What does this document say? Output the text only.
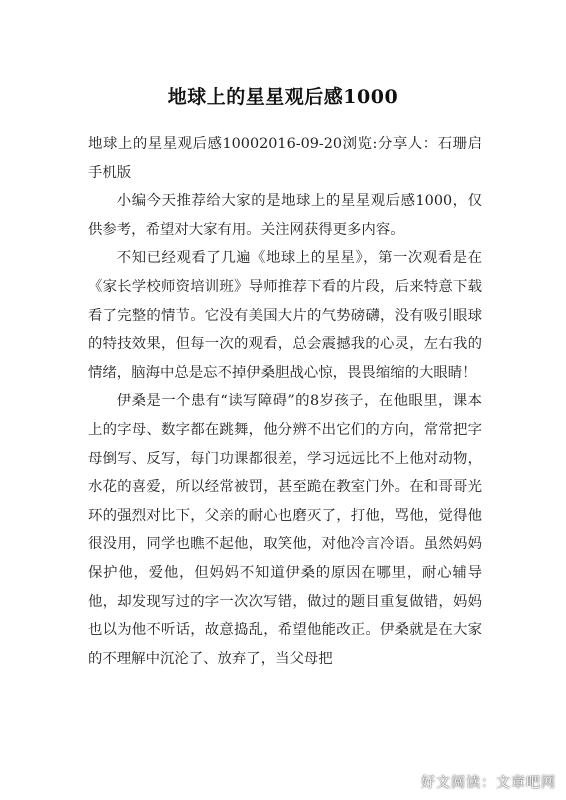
地球上的星星观后感1000

地球上的星星观后感10002016-09-20浏览:分享人：石珊启手机版

小编今天推荐给大家的是地球上的星星观后感1000，仅供参考，希望对大家有用。关注网获得更多内容。

不知已经观看了几遍《地球上的星星》，第一次观看是在《家长学校师资培训班》导师推荐下看的片段，后来特意下载看了完整的情节。它没有美国大片的气势磅礴，没有吸引眼球的特技效果，但每一次的观看，总会震撼我的心灵，左右我的情绪，脑海中总是忘不掉伊桑胆战心惊，畏畏缩缩的大眼睛！

伊桑是一个患有“读写障碍”的8岁孩子，在他眼里，课本上的字母、数字都在跳舞，他分辨不出它们的方向，常常把字母倒写、反写，每门功课都很差，学习远远比不上他对动物，水花的喜爱，所以经常被罚，甚至跪在教室门外。在和哥哥光环的强烈对比下，父亲的耐心也磨灭了，打他，骂他，觉得他很没用，同学也瞧不起他，取笑他，对他冷言冷语。虽然妈妈保护他，爱他，但妈妈不知道伊桑的原因在哪里，耐心辅导他，却发现写过的字一次次写错，做过的题目重复做错，妈妈也以为他不听话，故意捣乱，希望他能改正。伊桑就是在大家的不理解中沉沦了、放弃了，当父母把

好文阅读：文章吧网
